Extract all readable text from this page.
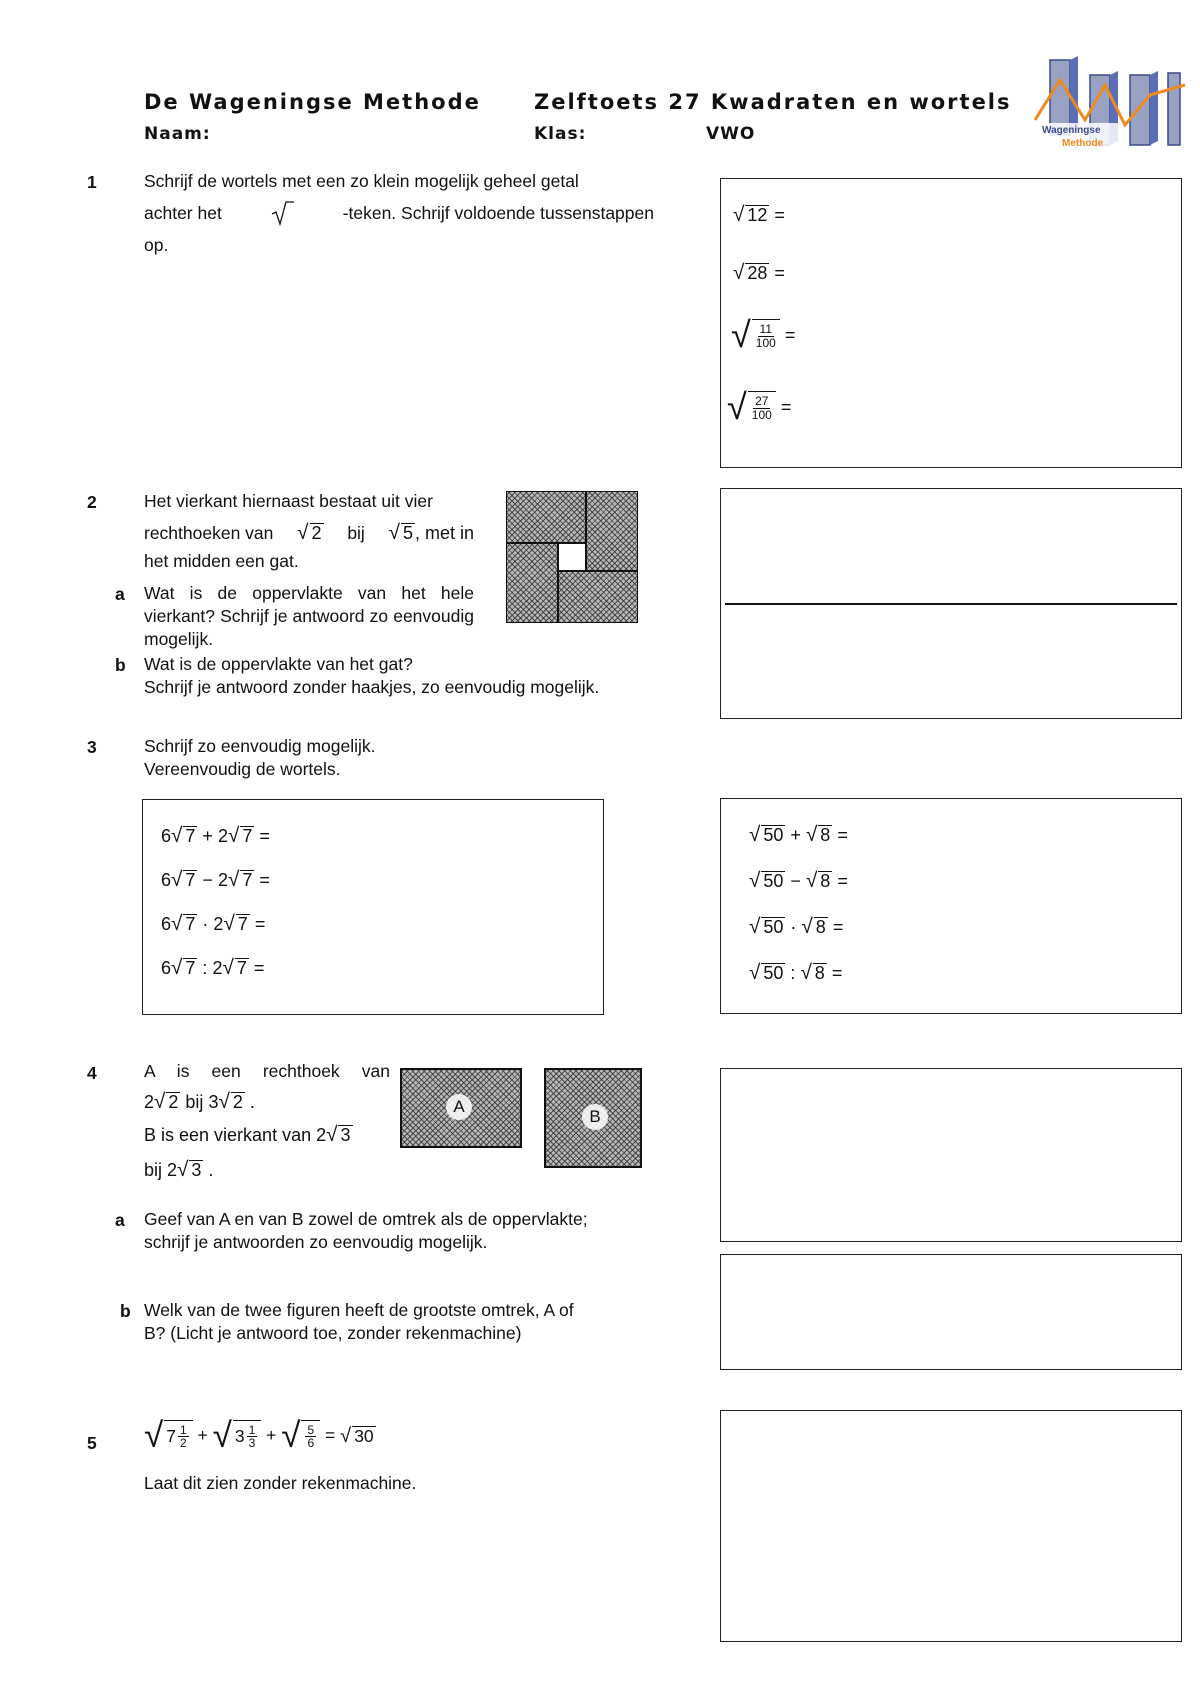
De Wageningse Methode	Zelftoets 27 Kwadraten en wortels
Naam:	Klas:	VWO	Wageningse
Methode
1	Schrijf de wortels met een zo klein mogelijk geheel getal
achter het	-teken. Schrijf voldoende tussenstappen
op.
√ 12
=
√ 28
=
√ $\frac{11}{100}$
=
√ $\frac{27}{100}$
=
2	Het vierkant hiernaast bestaat uit vier
rechthoeken van √ 2 bij √ 5 , met in
het midden een gat.
a Wat is de oppervlakte van het hele vierkant? Schrijf je antwoord zo eenvoudig mogelijk.
b Wat is de oppervlakte van het gat?
Schrijf je antwoord zonder haakjes, zo eenvoudig mogelijk.
3	Schrijf zo eenvoudig mogelijk.
Vereenvoudig de wortels.
6 √ 7
+
2 √ 7
=
6 √ 7
−
2 √ 7
=
6 √ 7
·
2 √ 7
=
6 √ 7
:
2 √ 7
=
√ 50
+
√ 8
=
√ 50
−
√ 8
=
√ 50
·
√ 8
=
√ 50
:
√ 8
=
4	A is een rechthoek van
2 √ 2
bij
3 √ 2
.

B is een vierkant van
2 √ 3

bij
2 √ 3
.
A
B
a Geef van A en van B zowel de omtrek als de oppervlakte;
schrijf je antwoorden zo eenvoudig mogelijk.
b Welk van de twee figuren heeft de grootste omtrek, A of
B? (Licht je antwoord toe, zonder rekenmachine)
5 √ $7 \frac{1}{2}$
+
√ $3 \frac{1}{3}$
+
√ $\frac{5}{6}$
=
√ 30
Laat dit zien zonder rekenmachine.
